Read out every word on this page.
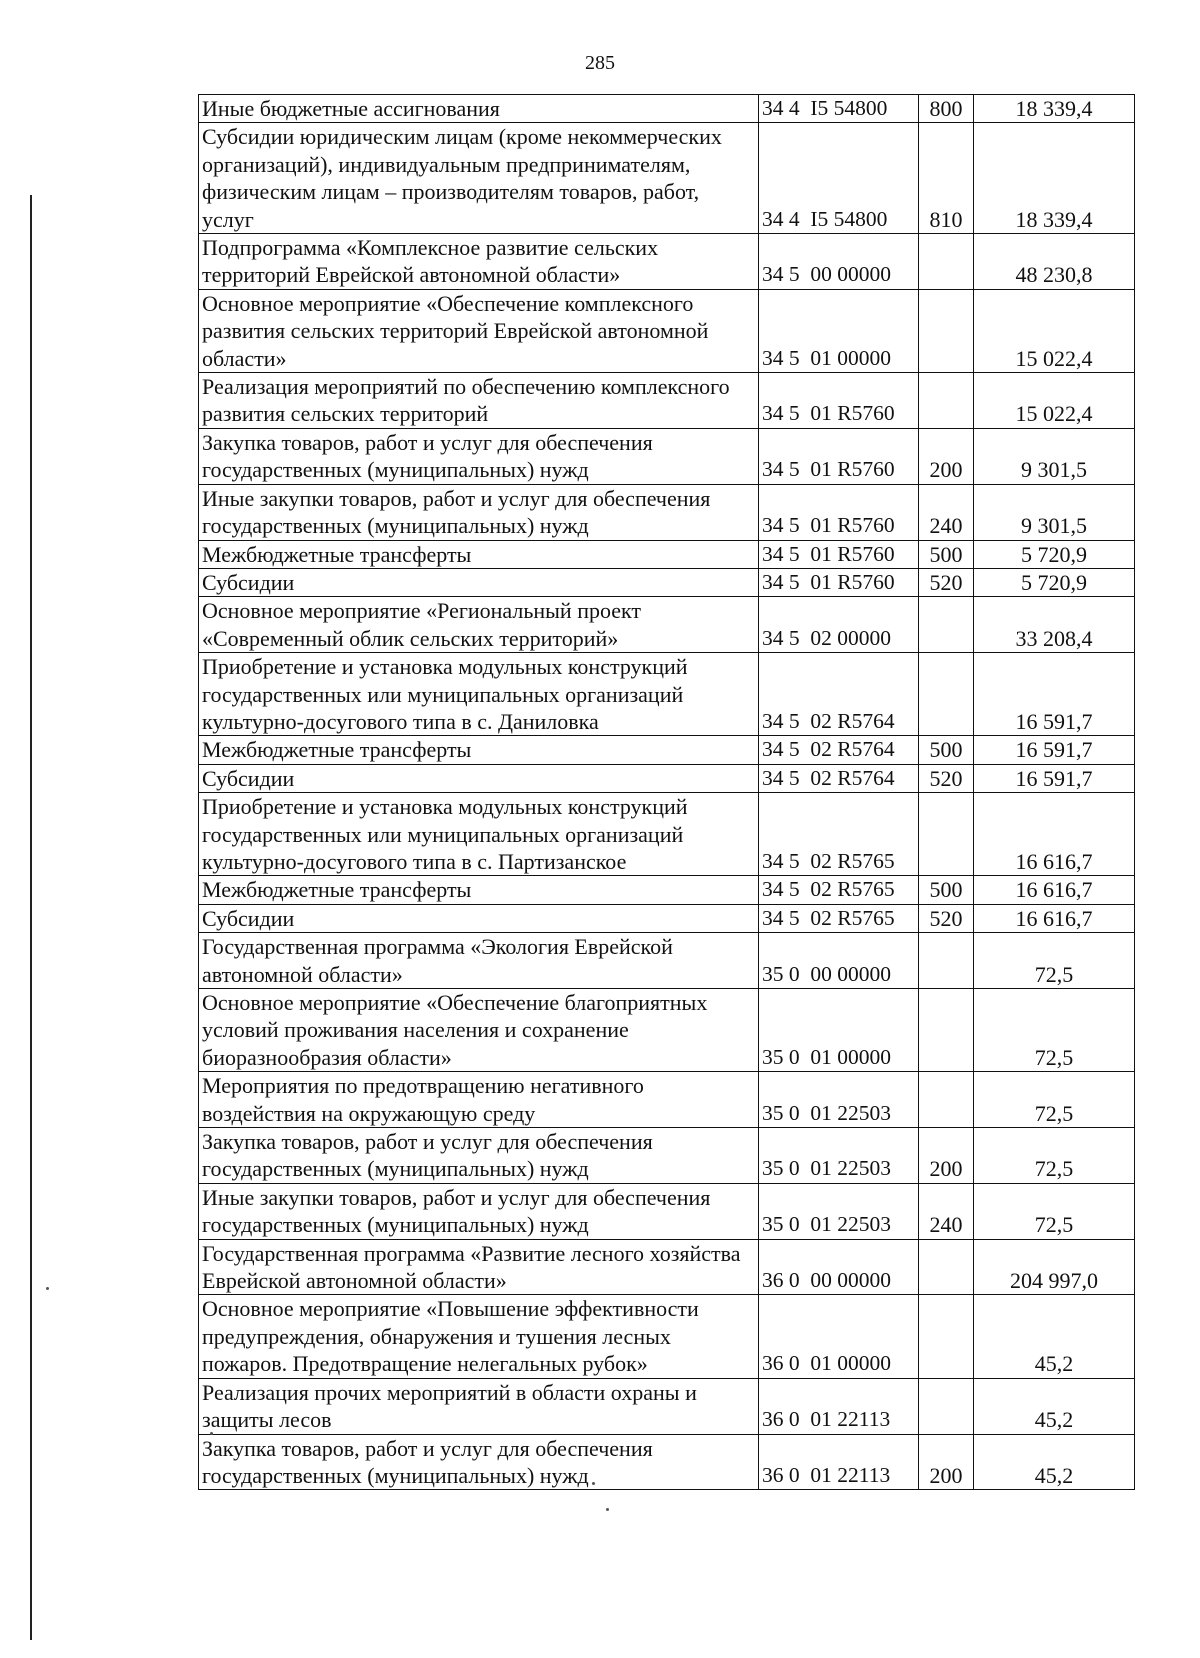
285
Иные бюджетные ассигнования	34 4  I5 54800	800	18 339,4
Субсидии юридическим лицам (кроме некоммерческих организаций), индивидуальным предпринимателям, физическим лицам – производителям товаров, работ, услуг	34 4  I5 54800	810	18 339,4
Подпрограмма «Комплексное развитие сельских территорий Еврейской автономной области»	34 5  00 00000		48 230,8
Основное мероприятие «Обеспечение комплексного развития сельских территорий Еврейской автономной области»	34 5  01 00000		15 022,4
Реализация мероприятий по обеспечению комплексного развития сельских территорий	34 5  01 R5760		15 022,4
Закупка товаров, работ и услуг для обеспечения государственных (муниципальных) нужд	34 5  01 R5760	200	9 301,5
Иные закупки товаров, работ и услуг для обеспечения государственных (муниципальных) нужд	34 5  01 R5760	240	9 301,5
Межбюджетные трансферты	34 5  01 R5760	500	5 720,9
Субсидии	34 5  01 R5760	520	5 720,9
Основное мероприятие «Региональный проект «Современный облик сельских территорий»	34 5  02 00000		33 208,4
Приобретение и установка модульных конструкций государственных или муниципальных организаций культурно-досугового типа в с. Даниловка	34 5  02 R5764		16 591,7
Межбюджетные трансферты	34 5  02 R5764	500	16 591,7
Субсидии	34 5  02 R5764	520	16 591,7
Приобретение и установка модульных конструкций государственных или муниципальных организаций культурно-досугового типа в с. Партизанское	34 5  02 R5765		16 616,7
Межбюджетные трансферты	34 5  02 R5765	500	16 616,7
Субсидии	34 5  02 R5765	520	16 616,7
Государственная программа «Экология Еврейской автономной области»	35 0  00 00000		72,5
Основное мероприятие «Обеспечение благоприятных условий проживания населения и сохранение биоразнообразия области»	35 0  01 00000		72,5
Мероприятия по предотвращению негативного воздействия на окружающую среду	35 0  01 22503		72,5
Закупка товаров, работ и услуг для обеспечения государственных (муниципальных) нужд	35 0  01 22503	200	72,5
Иные закупки товаров, работ и услуг для обеспечения государственных (муниципальных) нужд	35 0  01 22503	240	72,5
Государственная программа «Развитие лесного хозяйства Еврейской автономной области»	36 0  00 00000		204 997,0
Основное мероприятие «Повышение эффективности предупреждения, обнаружения и тушения лесных пожаров. Предотвращение нелегальных рубок»	36 0  01 00000		45,2
Реализация прочих мероприятий в области охраны и защиты лесов	36 0  01 22113		45,2
Закупка товаров, работ и услуг для обеспечения государственных (муниципальных) нужд	36 0  01 22113	200	45,2
